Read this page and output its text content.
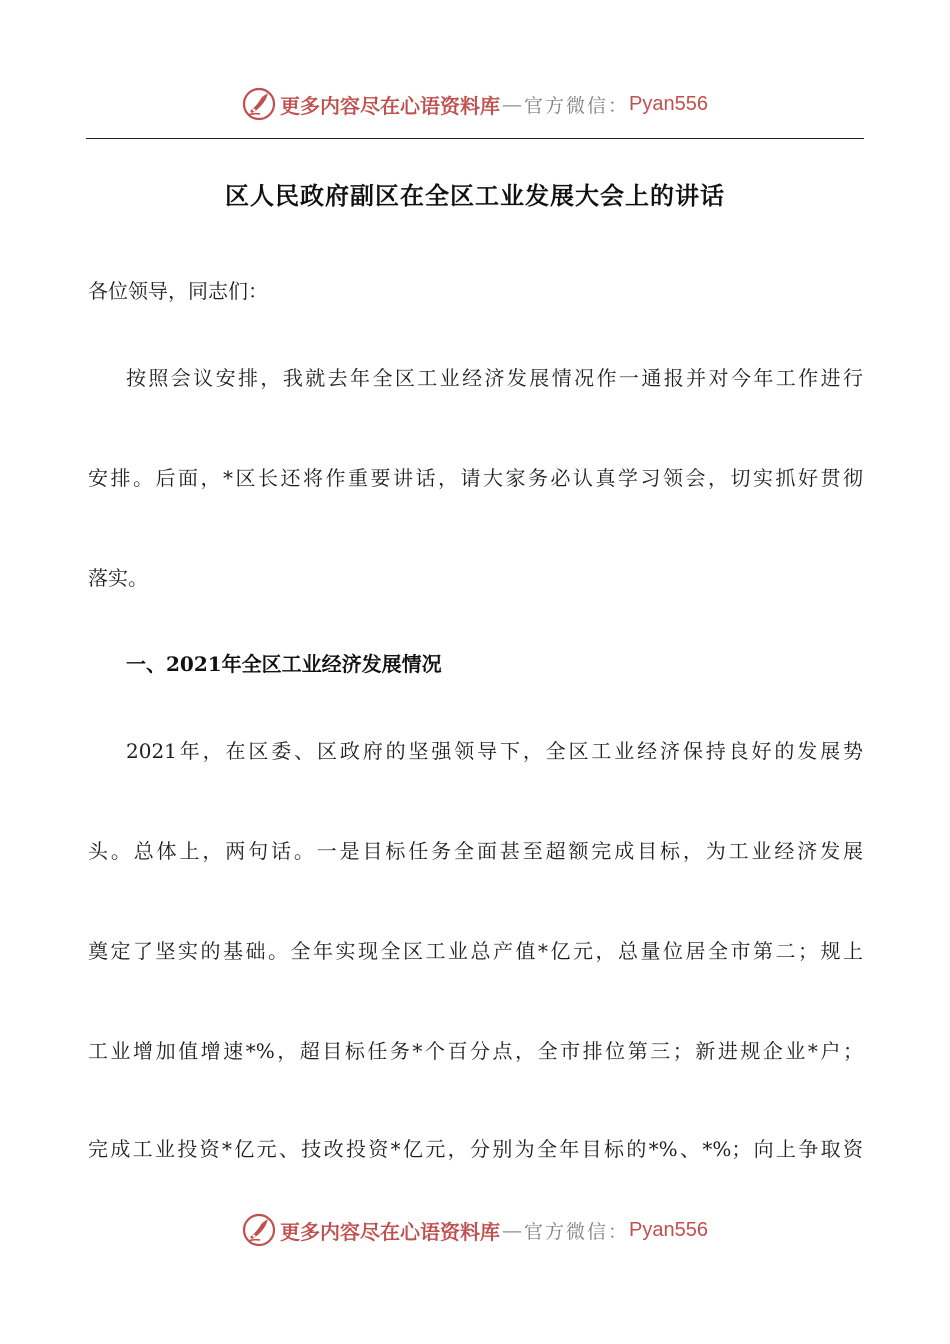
更多内容尽在心语资料库 — 官方微信： Pyan556
区人民政府副区在全区工业发展大会上的讲话
各位领导，同志们：
按照会议安排，我就去年全区工业经济发展情况作一通报并对今年工作进行
安排。后面，*区长还将作重要讲话，请大家务必认真学习领会，切实抓好贯彻
落实。
一、2021年全区工业经济发展情况
2021年，在区委、区政府的坚强领导下，全区工业经济保持良好的发展势
头。总体上，两句话。一是目标任务全面甚至超额完成目标，为工业经济发展
奠定了坚实的基础。全年实现全区工业总产值*亿元，总量位居全市第二；规上
工业增加值增速*%，超目标任务*个百分点，全市排位第三；新进规企业*户；
完成工业投资*亿元、技改投资*亿元，分别为全年目标的*%、*%；向上争取资
更多内容尽在心语资料库 — 官方微信： Pyan556
